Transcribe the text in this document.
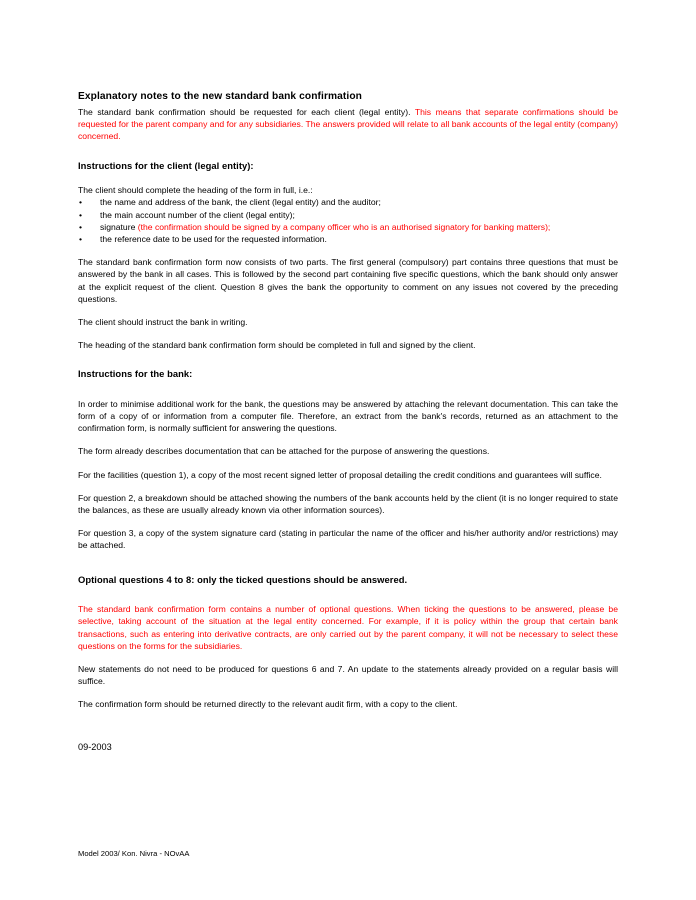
Explanatory notes to the new standard bank confirmation

The standard bank confirmation should be requested for each client (legal entity). This means that separate confirmations should be requested for the parent company and for any subsidiaries. The answers provided will relate to all bank accounts of the legal entity (company) concerned.

Instructions for the client (legal entity):

The client should complete the heading of the form in full, i.e.:

• the name and address of the bank, the client (legal entity) and the auditor;
• the main account number of the client (legal entity);
• signature (the confirmation should be signed by a company officer who is an authorised signatory for banking matters);
• the reference date to be used for the requested information.

The standard bank confirmation form now consists of two parts. The first general (compulsory) part contains three questions that must be answered by the bank in all cases. This is followed by the second part containing five specific questions, which the bank should only answer at the explicit request of the client. Question 8 gives the bank the opportunity to comment on any issues not covered by the preceding questions.

The client should instruct the bank in writing.

The heading of the standard bank confirmation form should be completed in full and signed by the client.

Instructions for the bank:

In order to minimise additional work for the bank, the questions may be answered by attaching the relevant documentation. This can take the form of a copy of or information from a computer file. Therefore, an extract from the bank's records, returned as an attachment to the confirmation form, is normally sufficient for answering the questions.

The form already describes documentation that can be attached for the purpose of answering the questions.

For the facilities (question 1), a copy of the most recent signed letter of proposal detailing the credit conditions and guarantees will suffice.

For question 2, a breakdown should be attached showing the numbers of the bank accounts held by the client (it is no longer required to state the balances, as these are usually already known via other information sources).

For question 3, a copy of the system signature card (stating in particular the name of the officer and his/her authority and/or restrictions) may be attached.

Optional questions 4 to 8: only the ticked questions should be answered.

The standard bank confirmation form contains a number of optional questions. When ticking the questions to be answered, please be selective, taking account of the situation at the legal entity concerned. For example, if it is policy within the group that certain bank transactions, such as entering into derivative contracts, are only carried out by the parent company, it will not be necessary to select these questions on the forms for the subsidiaries.

New statements do not need to be produced for questions 6 and 7. An update to the statements already provided on a regular basis will suffice.

The confirmation form should be returned directly to the relevant audit firm, with a copy to the client.

09-2003

Model 2003/ Kon. Nivra - NOvAA
